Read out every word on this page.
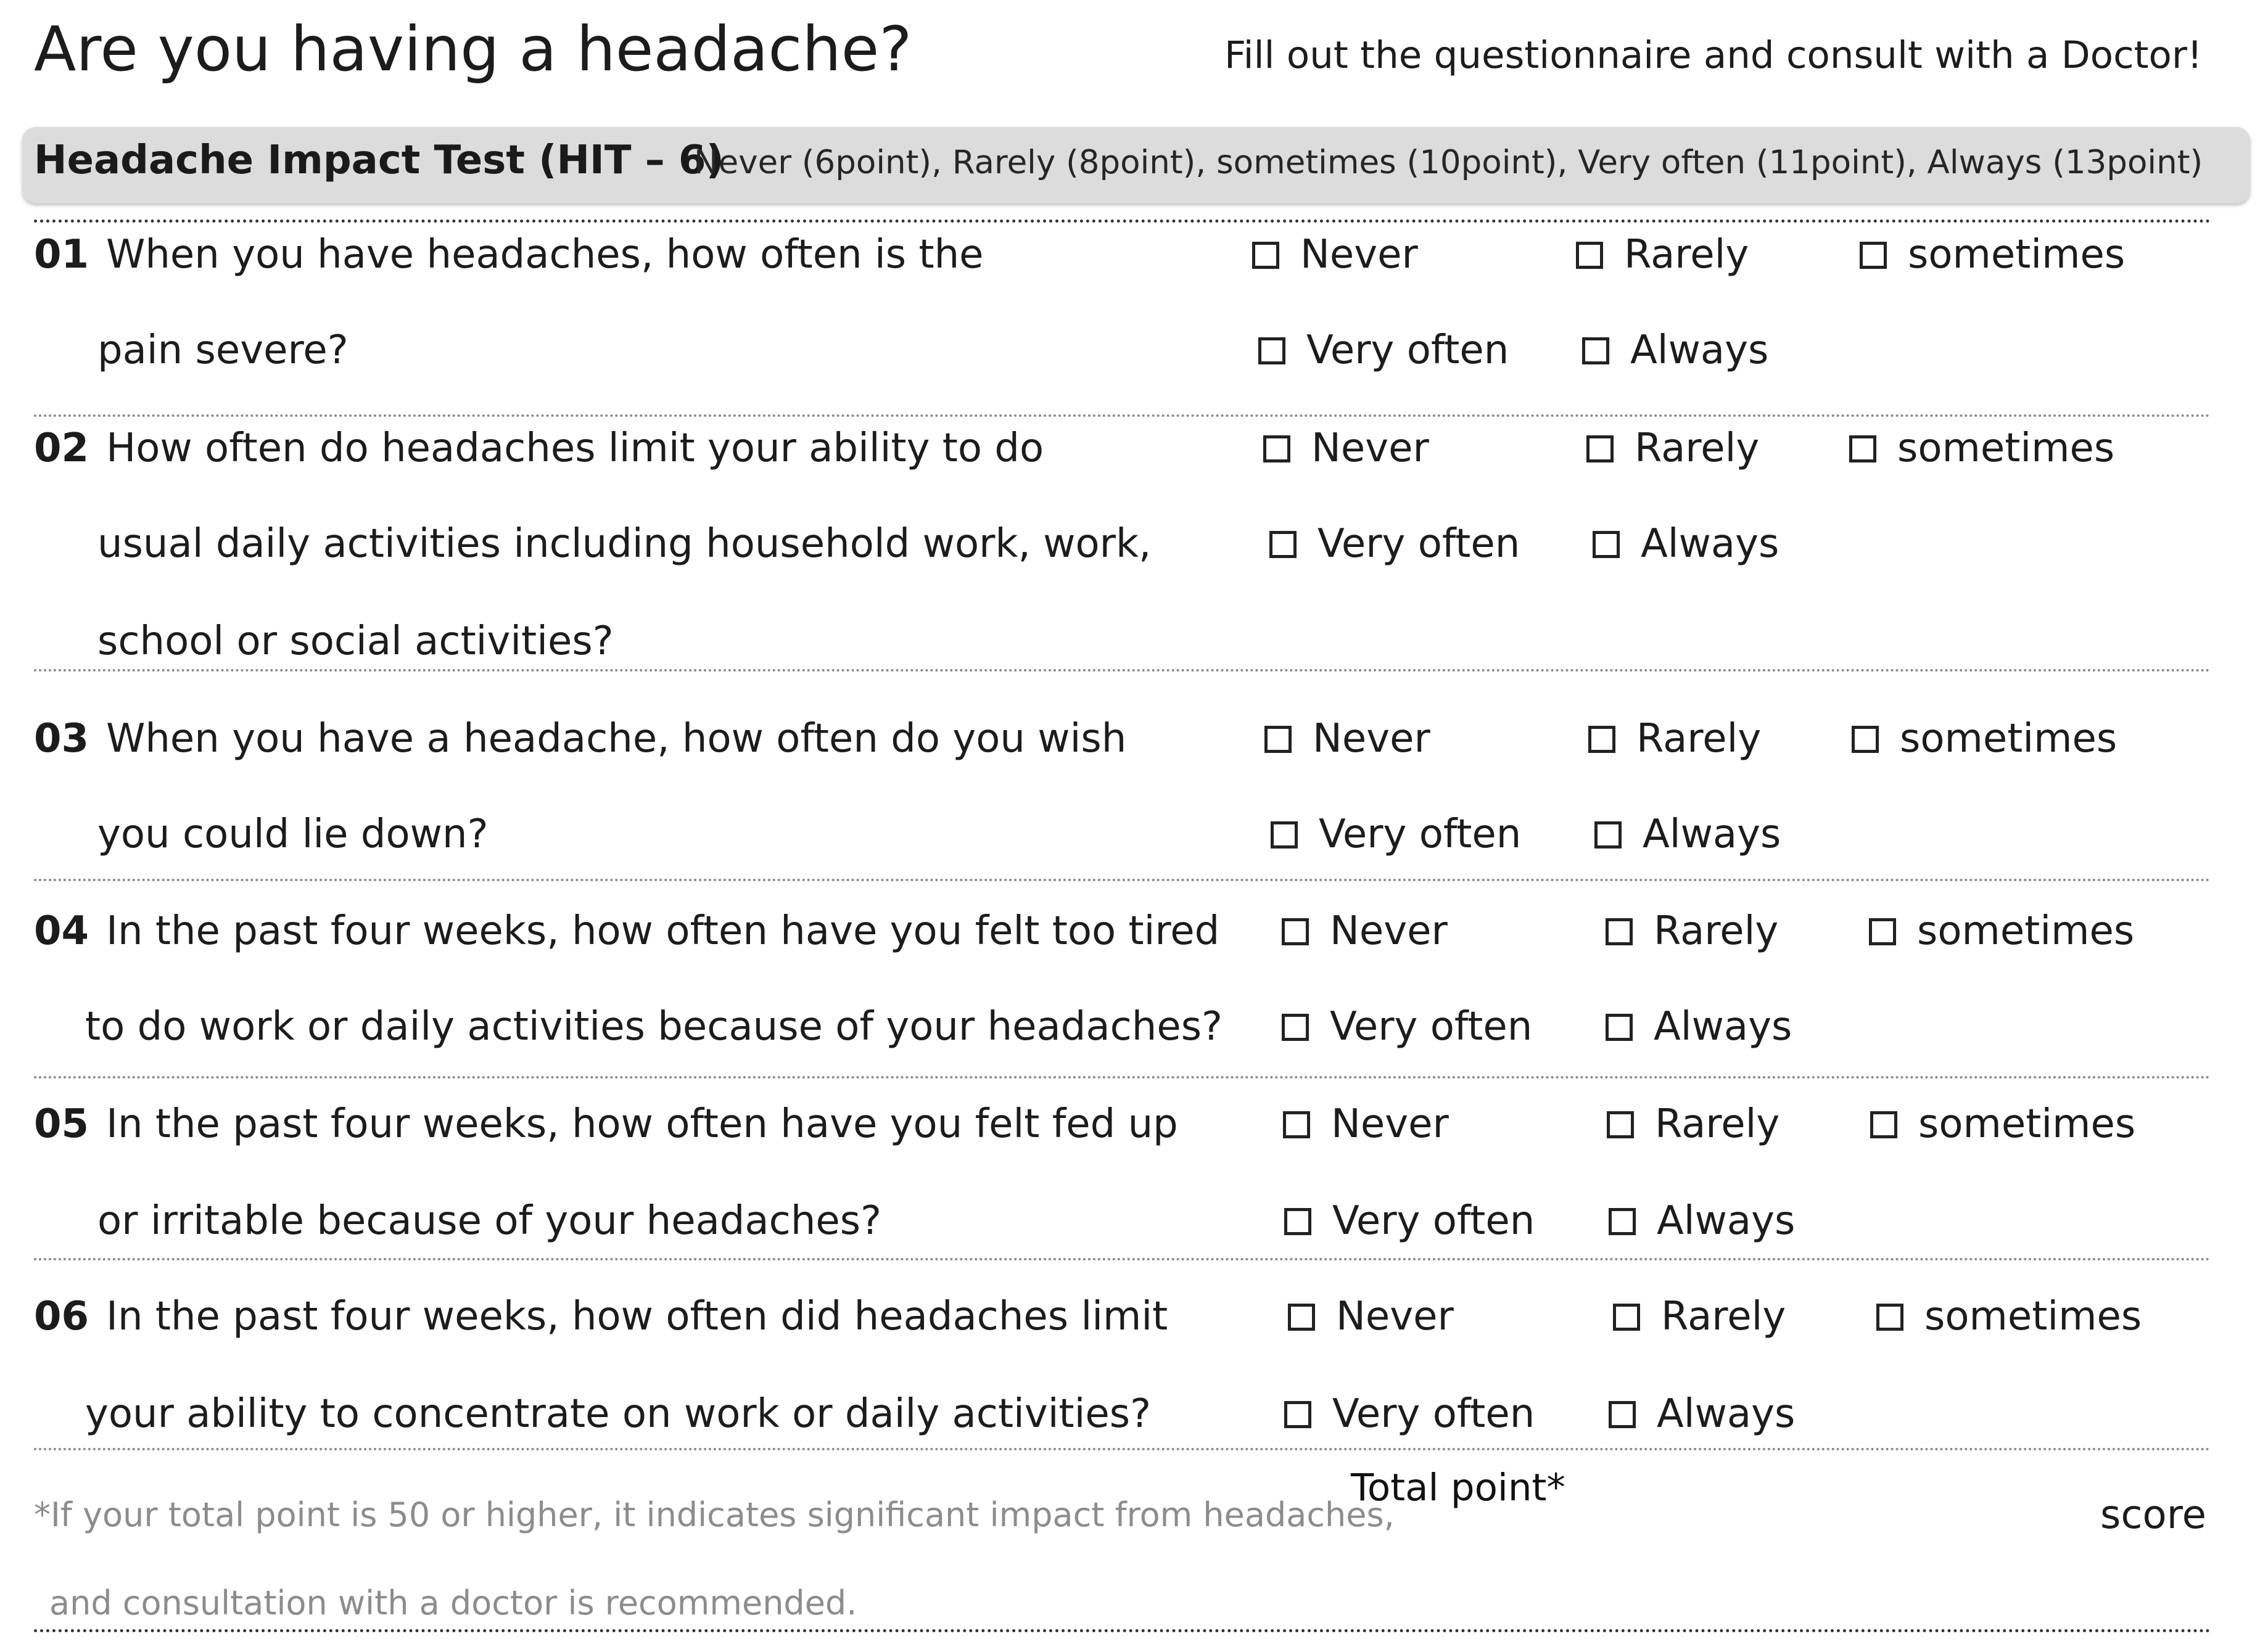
Are you having a headache?	Fill out the questionnaire and consult with a Doctor!
Headache Impact Test (HIT – 6)
Never (6point), Rarely (8point), sometimes (10point), Very often (11point), Always (13point)
01 When you have headaches, how often is the
pain severe?
Never	Rarely	sometimes
Very often	Always
02 How often do headaches limit your ability to do
usual daily activities including household work, work,
school or social activities?
Never	Rarely	sometimes
Very often	Always
03 When you have a headache, how often do you wish
you could lie down?
Never	Rarely	sometimes
Very often	Always
04 In the past four weeks, how often have you felt too tired
to do work or daily activities because of your headaches?
Never	Rarely	sometimes
Very often	Always
05 In the past four weeks, how often have you felt fed up
or irritable because of your headaches?
Never	Rarely	sometimes
Very often	Always
06 In the past four weeks, how often did headaches limit
your ability to concentrate on work or daily activities?
Never	Rarely	sometimes
Very often	Always
*If your total point is 50 or higher, it indicates significant impact from headaches,
and consultation with a doctor is recommended.
Total point*
score
